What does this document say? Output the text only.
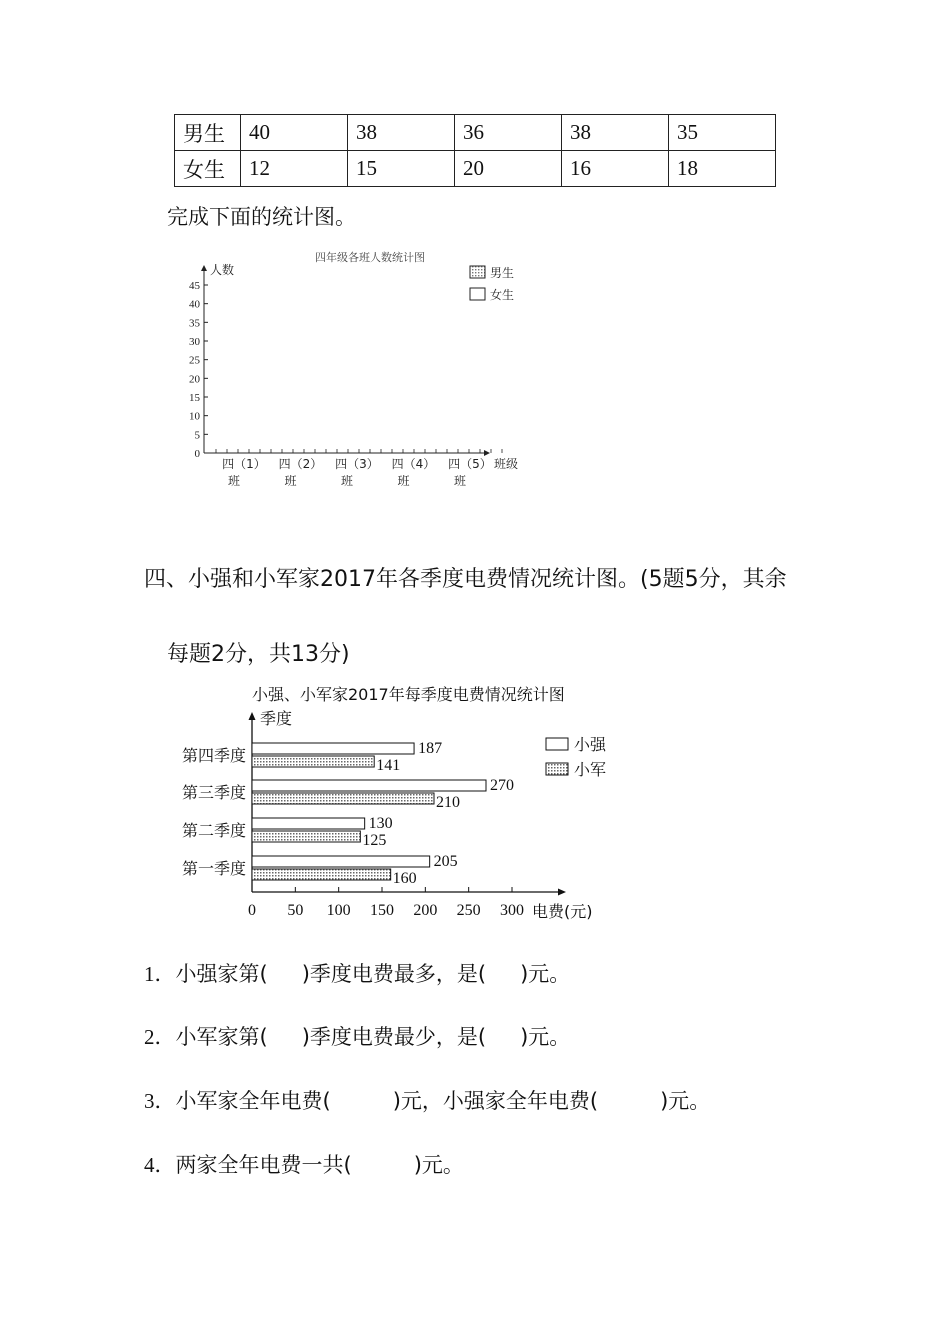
男生	40	38	36	38	35
女生	12	15	20	16	18
完成下面的统计图。
四年级各班人数统计图
人数
班级
0
5
10
15
20
25
30
35
40
45
四（1）
班
四（2）
班
四（3）
班
四（4）
班
四（5）
班
男生
女生
四、小强和小军家2017年各季度电费情况统计图。(5题5分，其余
每题2分，共13分)
小强、小军家2017年每季度电费情况统计图
季度
电费(元)
0 50 100 150 200 250 300
第一季度
第二季度
第三季度
第四季度
205
160
130
125
270
210
187
141
小强
小军
1．小强家第( )季度电费最多，是( )元。
2．小军家第( )季度电费最少，是( )元。
3．小军家全年电费(	)元，小强家全年电费(	)元。
4．两家全年电费一共(	)元。
